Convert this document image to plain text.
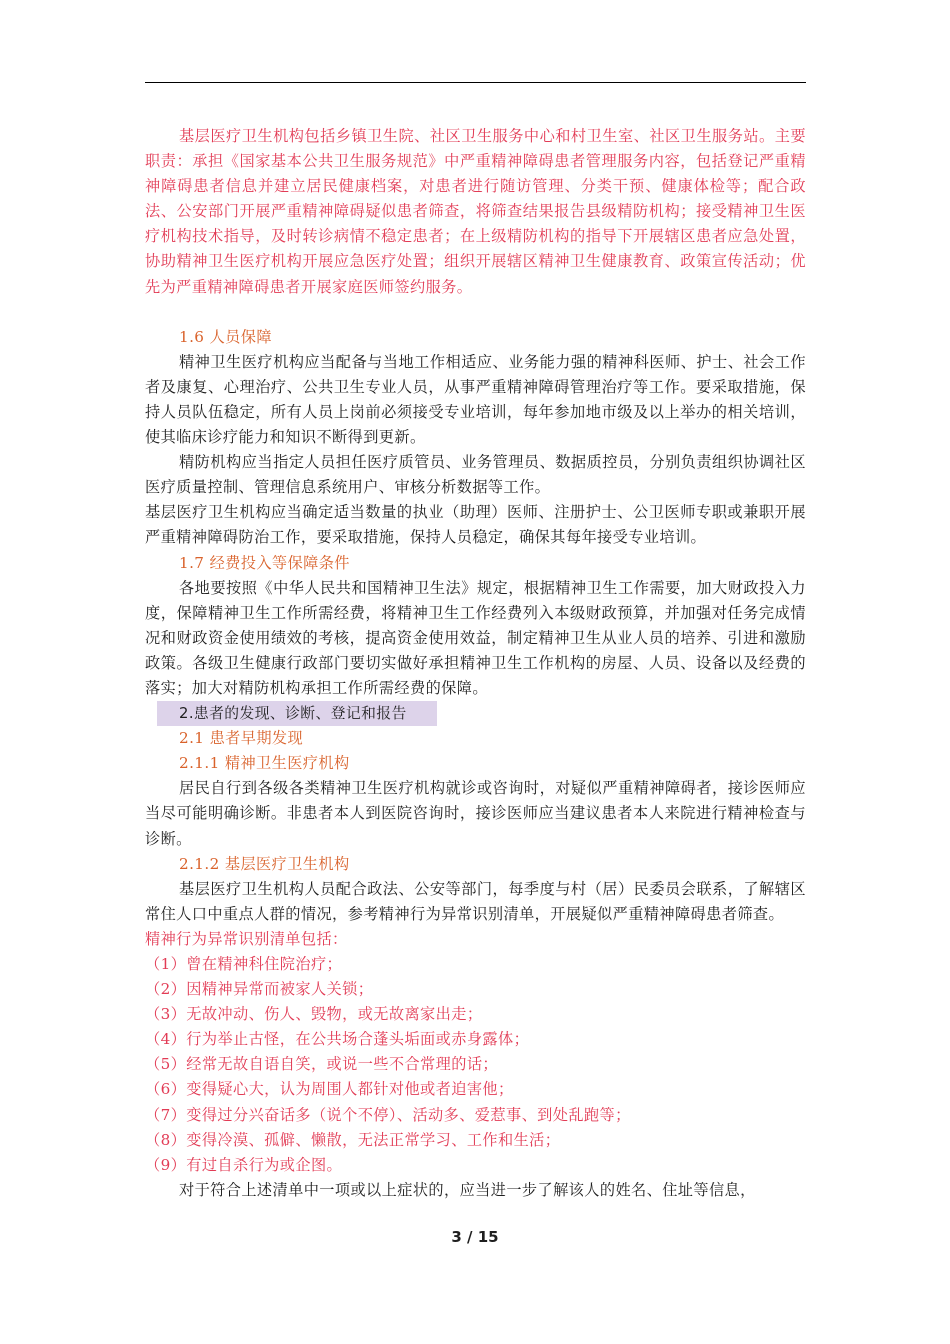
基层医疗卫生机构包括乡镇卫生院、社区卫生服务中心和村卫生室、社区卫生服务站。主要职责：承担《国家基本公共卫生服务规范》中严重精神障碍患者管理服务内容，包括登记严重精神障碍患者信息并建立居民健康档案，对患者进行随访管理、分类干预、健康体检等；配合政法、公安部门开展严重精神障碍疑似患者筛查，将筛查结果报告县级精防机构；接受精神卫生医疗机构技术指导，及时转诊病情不稳定患者；在上级精防机构的指导下开展辖区患者应急处置，协助精神卫生医疗机构开展应急医疗处置；组织开展辖区精神卫生健康教育、政策宣传活动；优先为严重精神障碍患者开展家庭医师签约服务。

1.6 人员保障

精神卫生医疗机构应当配备与当地工作相适应、业务能力强的精神科医师、护士、社会工作者及康复、心理治疗、公共卫生专业人员，从事严重精神障碍管理治疗等工作。要采取措施，保持人员队伍稳定，所有人员上岗前必须接受专业培训，每年参加地市级及以上举办的相关培训，使其临床诊疗能力和知识不断得到更新。

精防机构应当指定人员担任医疗质管员、业务管理员、数据质控员，分别负责组织协调社区医疗质量控制、管理信息系统用户、审核分析数据等工作。

基层医疗卫生机构应当确定适当数量的执业（助理）医师、注册护士、公卫医师专职或兼职开展严重精神障碍防治工作，要采取措施，保持人员稳定，确保其每年接受专业培训。

1.7 经费投入等保障条件

各地要按照《中华人民共和国精神卫生法》规定，根据精神卫生工作需要，加大财政投入力度，保障精神卫生工作所需经费，将精神卫生工作经费列入本级财政预算，并加强对任务完成情况和财政资金使用绩效的考核，提高资金使用效益，制定精神卫生从业人员的培养、引进和激励政策。各级卫生健康行政部门要切实做好承担精神卫生工作机构的房屋、人员、设备以及经费的落实；加大对精防机构承担工作所需经费的保障。

2.患者的发现、诊断、登记和报告

2.1 患者早期发现

2.1.1 精神卫生医疗机构

居民自行到各级各类精神卫生医疗机构就诊或咨询时，对疑似严重精神障碍者，接诊医师应当尽可能明确诊断。非患者本人到医院咨询时，接诊医师应当建议患者本人来院进行精神检查与诊断。

2.1.2 基层医疗卫生机构

基层医疗卫生机构人员配合政法、公安等部门，每季度与村（居）民委员会联系，了解辖区常住人口中重点人群的情况，参考精神行为异常识别清单，开展疑似严重精神障碍患者筛查。

精神行为异常识别清单包括：

（1）曾在精神科住院治疗；

（2）因精神异常而被家人关锁；

（3）无故冲动、伤人、毁物，或无故离家出走；

（4）行为举止古怪，在公共场合蓬头垢面或赤身露体；

（5）经常无故自语自笑，或说一些不合常理的话；

（6）变得疑心大，认为周围人都针对他或者迫害他；

（7）变得过分兴奋话多（说个不停）、活动多、爱惹事、到处乱跑等；

（8）变得冷漠、孤僻、懒散，无法正常学习、工作和生活；

（9）有过自杀行为或企图。

对于符合上述清单中一项或以上症状的，应当进一步了解该人的姓名、住址等信息，

3 / 15
